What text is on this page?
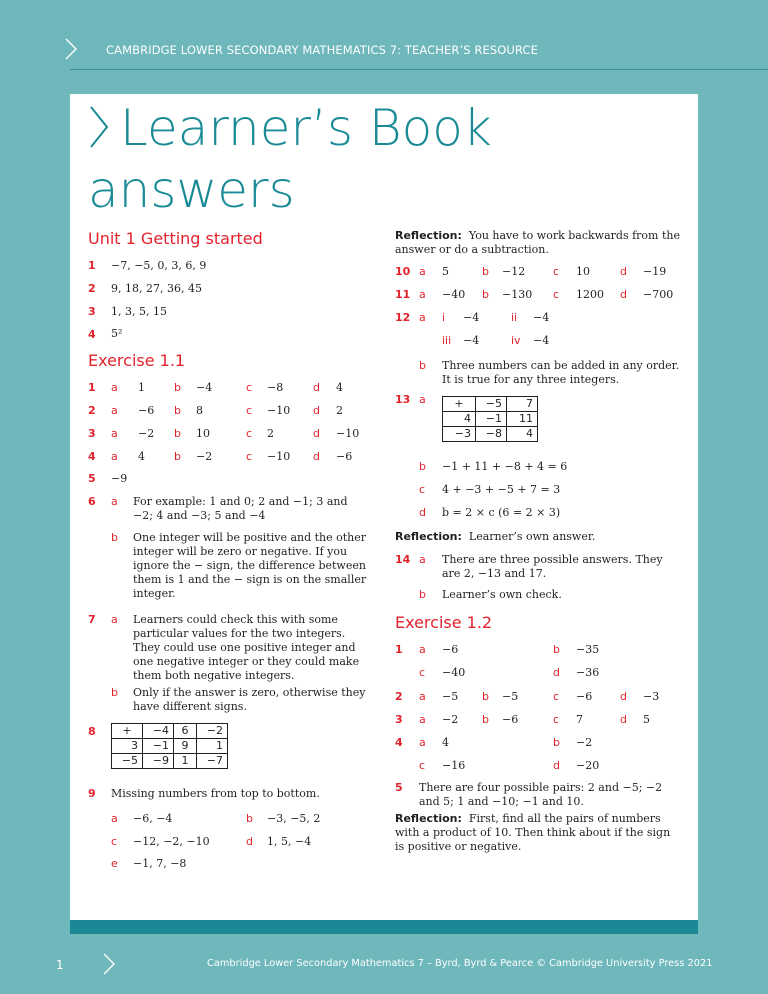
CAMBRIDGE LOWER SECONDARY MATHEMATICS 7: TEACHER’S RESOURCE
Learner’s Book
answers
Unit 1 Getting started
1 −7, −5, 0, 3, 6, 9
2 9, 18, 27, 36, 45
3 1, 3, 5, 15
4 5²
Exercise 1.1
1 a 1	b −4	c −8	d 4
2 a −6 b 8	c −10 d 2
3 a −2 b 10	c 2	d −10
4 a 4	b −2	c −10 d −6
5 −9
6 a For example: 1 and 0; 2 and −1; 3 and −2; 4 and −3; 5 and −4
b One integer will be positive and the other integer will be zero or negative. If you ignore the − sign, the difference between them is 1 and the − sign is on the smaller integer.
7 a Learners could check this with some particular values for the two integers. They could use one positive integer and one negative integer or they could make them both negative integers.
b Only if the answer is zero, otherwise they have different signs.
8 +	−4	6	−2
3	−1	9	1
−5	−9	1	−7
9 Missing numbers from top to bottom.
a −6, −4	b −3, −5, 2
c −12, −2, −10	d 1, 5, −4
e −1, 7, −8
Reflection: You have to work backwards from the answer or do a subtraction.
10 a 5	b −12	c 10	d −19
11 a −40 b −130 c 1200 d −700
12 a i −4	ii −4
iii −4	iv −4
b Three numbers can be added in any order. It is true for any three integers.
13 a	+	−5	7
4	−1	11
−3	−8	4
b −1 + 11 + −8 + 4 = 6
c 4 + −3 + −5 + 7 = 3
d b = 2 × c (6 = 2 × 3)
Reflection: Learner’s own answer.
14 a There are three possible answers. They are 2, −13 and 17.
b Learner’s own check.
Exercise 1.2
1 a −6	b −35
c −40	d −36
2 a −5 b −5	c −6	d −3
3 a −2 b −6	c 7	d 5
4 a 4	b −2
c −16	d −20
5 There are four possible pairs: 2 and −5; −2 and 5; 1 and −10; −1 and 10.
Reflection: First, find all the pairs of numbers with a product of 10. Then think about if the sign is positive or negative.
1	Cambridge Lower Secondary Mathematics 7 – Byrd, Byrd & Pearce © Cambridge University Press 2021
